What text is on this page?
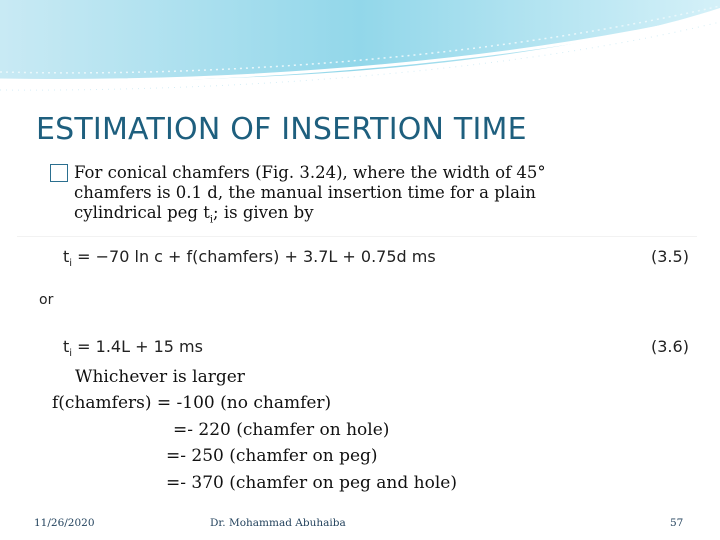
ESTIMATION OF INSERTION TIME
For conical chamfers (Fig. 3.24), where the width of 45°
chamfers is 0.1 d, the manual insertion time for a plain
cylindrical peg $t_i$; is given by
$t_i = -70$ ln c + f(chamfers) + 3.7L + 0.75d ms	(3.5)
or
$t_i = 1.4L + 15$ ms	(3.6)
Whichever is larger
f(chamfers) = -100 (no chamfer)
=- 220 (chamfer on hole)
=- 250 (chamfer on peg)
=- 370 (chamfer on peg and hole)
11/26/2020	Dr. Mohammad Abuhaiba	57
